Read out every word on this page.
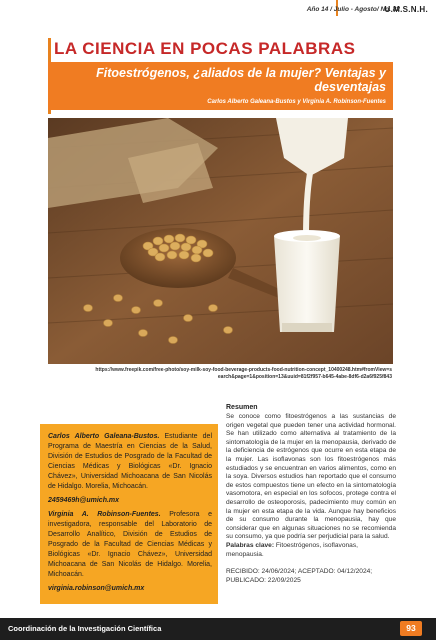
Año 14 / Julio - Agosto/ No. 82
U.M.S.N.H.
LA CIENCIA EN POCAS PALABRAS
Fitoestrógenos, ¿aliados de la mujer? Ventajas y desventajas
Carlos Alberto Galeana-Bustos y Virginia A. Robinson-Fuentes
https://www.freepik.com/free-photo/soy-milk-soy-food-beverage-products-food-nutrition-concept_10400248.htm#fromView=search&page=1&position=13&uuid=81f2f957-b645-4abe-8df6-d2a6f925f843

Carlos Alberto Galeana-Bustos. Estudiante del Programa de Maestría en Ciencias de la Salud, División de Estudios de Posgrado de la Facultad de Ciencias Médicas y Biológicas «Dr. Ignacio Chávez», Universidad Michoacana de San Nicolás de Hidalgo. Morelia, Michoacán.

2459469h@umich.mx

Virginia A. Robinson-Fuentes. Profesora e investigadora, responsable del Laboratorio de Desarrollo Analítico, División de Estudios de Posgrado de la Facultad de Ciencias Médicas y Biológicas «Dr. Ignacio Chávez», Universidad Michoacana de San Nicolás de Hidalgo. Morelia, Michoacán.

virginia.robinson@umich.mx
Resumen

Se conoce como fitoestrógenos a las sustancias de origen vegetal que pueden tener una actividad hormonal. Se han utilizado como alternativa al tratamiento de la sintomatología de la mujer en la menopausia, derivado de la deficiencia de estrógenos que ocurre en esta etapa de la mujer. Las isoflavonas son los fitoestrógenos más estudiados y se encuentran en varios alimentos, como en la soya. Diversos estudios han reportado que el consumo de estos compuestos tiene un efecto en la sintomatología vasomotora, en especial en los sofocos, protege contra el desarrollo de osteoporosis, padecimiento muy común en la mujer en esta etapa de la vida. Aunque hay beneficios de su consumo durante la menopausia, hay que considerar que en algunas situaciones no se recomienda su consumo, ya que podría ser perjudicial para la salud.

Palabras clave: Fitoestrógenos, isoflavonas, menopausia.

RECIBIDO: 24/06/2024; ACEPTADO: 04/12/2024;
PUBLICADO: 22/09/2025
Coordinación de la Investigación Científica	93
